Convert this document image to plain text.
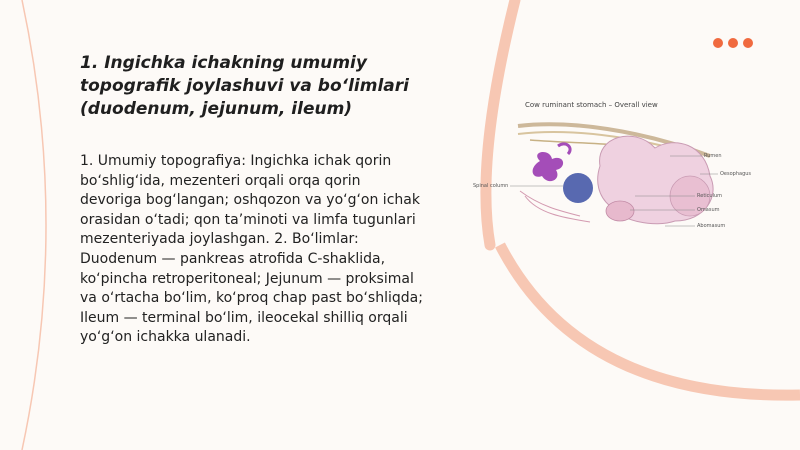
1. Ingichka ichakning umumiy topografik joylashuvi va bo‘limlari (duodenum, jejunum, ileum)

1. Umumiy topografiya: Ingichka ichak qorin bo‘shlig‘ida, mezenteri orqali orqa qorin devoriga bog‘langan; oshqozon va yo‘g‘on ichak orasidan o‘tadi; qon ta’minoti va limfa tugunlari mezenteriyada joylashgan. 2. Bo‘limlar: Duodenum — pankreas atrofida C-shaklida, ko‘pincha retroperitoneal; Jejunum — proksimal va o‘rtacha bo‘lim, ko‘proq chap past bo‘shliqda; Ileum — terminal bo‘lim, ileocekal shilliq orqali yo‘g‘on ichakka ulanadi.

Cow ruminant stomach – Overall view

Spinal column
Rumen
Oesophagus
Reticulum
Omasum
Abomasum
